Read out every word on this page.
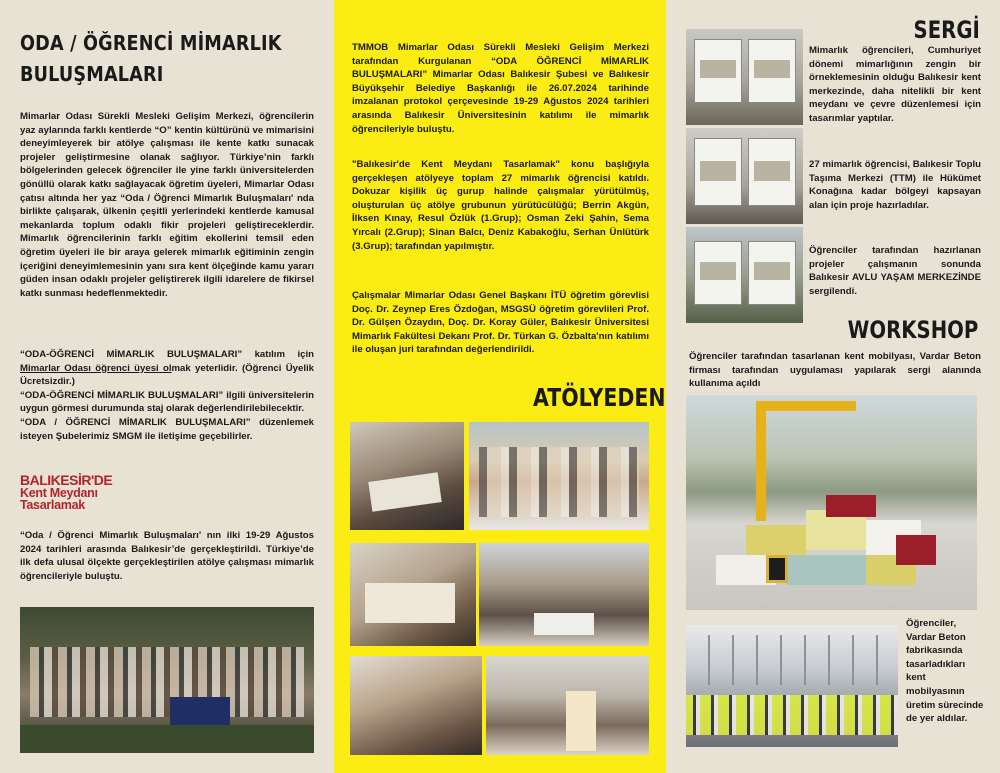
ODA / ÖĞRENCİ MİMARLIK
BULUŞMALARI

Mimarlar Odası Sürekli Mesleki Gelişim Merkezi, öğrencilerin yaz aylarında farklı kentlerde “O” kentin kültürünü ve mimarisini deneyimleyerek bir atölye çalışması ile kente katkı sunacak projeler geliştirmesine olanak sağlıyor. Türkiye’nin farklı bölgelerinden gelecek öğrenciler ile yine farklı üniversitelerden gönüllü olarak katkı sağlayacak öğretim üyeleri, Mimarlar Odası çatısı altında her yaz “Oda / Öğrenci Mimarlık Buluşmaları' nda birlikte çalışarak, ülkenin çeşitli yerlerindeki kentlerde kamusal mekanlarda toplum odaklı fikir projeleri geliştireceklerdir. Mimarlık öğrencilerinin farklı eğitim ekollerini temsil eden öğretim üyeleri ile bir araya gelerek mimarlık eğitiminin zengin içeriğini deneyimlemesinin yanı sıra kent ölçeğinde kamu yararı güden insan odaklı projeler geliştirerek ilgili idarelere de fikirsel katkı sunması hedeflenmektedir.

“ODA-ÖĞRENCİ MİMARLIK BULUŞMALARI” katılım için Mimarlar Odası öğrenci üyesi olmak yeterlidir. (Öğrenci Üyelik Ücretsizdir.)

“ODA-ÖĞRENCİ MİMARLIK BULUŞMALARI” ilgili üniversitelerin uygun görmesi durumunda staj olarak değerlendirilebilecektir.

“ODA / ÖĞRENCİ MİMARLIK BULUŞMALARI” düzenlemek isteyen Şubelerimiz SMGM ile iletişime geçebilirler.

BALIKESİR'DE
Kent Meydanı
Tasarlamak

“Oda / Öğrenci Mimarlık Buluşmaları' nın ilki 19-29 Ağustos 2024 tarihleri arasında Balıkesir’de gerçekleştirildi. Türkiye’de ilk defa ulusal ölçekte gerçekleştirilen atölye çalışması mimarlık öğrencileriyle buluştu.

TMMOB Mimarlar Odası Sürekli Mesleki Gelişim Merkezi tarafından Kurgulanan “ODA ÖĞRENCİ MİMARLIK BULUŞMALARI” Mimarlar Odası Balıkesir Şubesi ve Balıkesir Büyükşehir Belediye Başkanlığı ile 26.07.2024 tarihinde imzalanan protokol çerçevesinde 19-29 Ağustos 2024 tarihleri arasında Balıkesir Üniversitesinin katılımı ile mimarlık öğrencileriyle buluştu.

"Balıkesir'de Kent Meydanı Tasarlamak" konu başlığıyla gerçekleşen atölyeye toplam 27 mimarlık öğrencisi katıldı. Dokuzar kişilik üç gurup halinde çalışmalar yürütülmüş, oluşturulan üç atölye grubunun yürütücülüğü; Berrin Akgün, İlksen Kınay, Resul Özlük (1.Grup); Osman Zeki Şahin, Sema Yırcalı (2.Grup); Sinan Balcı, Deniz Kabakoğlu, Serhan Ünlütürk (3.Grup); tarafından yapılmıştır.

Çalışmalar Mimarlar Odası Genel Başkanı İTÜ öğretim görevlisi Doç. Dr. Zeynep Eres Özdoğan, MSGSÜ öğretim görevlileri Prof. Dr. Gülşen Özaydın, Doç. Dr. Koray Güler, Balıkesir Üniversitesi Mimarlık Fakültesi Dekanı Prof. Dr. Türkan G. Özbalta'nın katılımı ile oluşan juri tarafından değerlendirildi.

ATÖLYEDEN
SERGİ

Mimarlık öğrencileri, Cumhuriyet dönemi mimarlığının zengin bir örneklemesinin olduğu Balıkesir kent merkezinde, daha nitelikli bir kent meydanı ve çevre düzenlemesi için tasarımlar yaptılar.

27 mimarlık öğrencisi, Balıkesir Toplu Taşıma Merkezi (TTM) ile Hükümet Konağına kadar bölgeyi kapsayan alan için proje hazırladılar.

Öğrenciler tarafından hazırlanan projeler çalışmanın sonunda Balıkesir AVLU YAŞAM MERKEZİNDE sergilendi.

WORKSHOP

Öğrenciler tarafından tasarlanan kent mobilyası, Vardar Beton firması tarafından uygulaması yapılarak sergi alanında kullanıma açıldı

Öğrenciler, Vardar Beton fabrikasında tasarladıkları kent mobilyasının üretim sürecinde de yer aldılar.
